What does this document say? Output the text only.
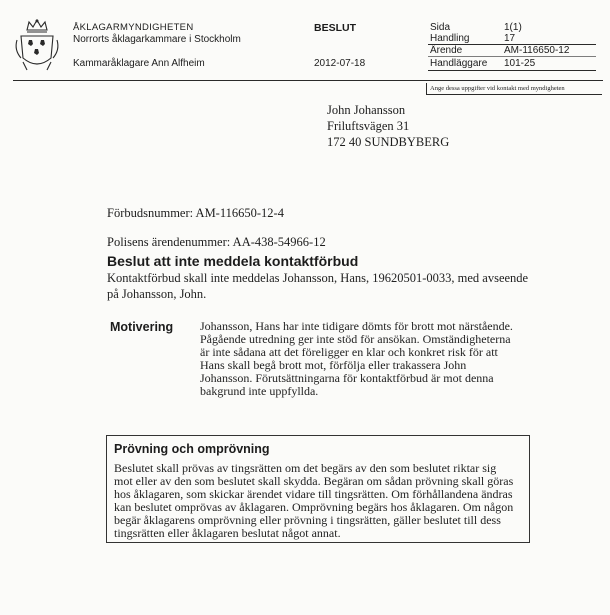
ÅKLAGARMYNDIGHETEN
Norrorts åklagarkammare i Stockholm
Kammaråklagare Ann Alfheim
BESLUT
2012-07-18
Sida	1(1)
Handling	17
Ärende	AM-116650-12
Handläggare 101-25
Ange dessa uppgifter vid kontakt med myndigheten
John Johansson
Friluftsvägen 31
172 40 SUNDBYBERG
Förbudsnummer: AM-116650-12-4
Polisens ärendenummer: AA-438-54966-12
Beslut att inte meddela kontaktförbud
Kontaktförbud skall inte meddelas Johansson, Hans, 19620501-0033, med avseende
på Johansson, John.
Motivering Johansson, Hans har inte tidigare dömts för brott mot närstående.
Pågående utredning ger inte stöd för ansökan. Omständigheterna
är inte sådana att det föreligger en klar och konkret risk för att
Hans skall begå brott mot, förfölja eller trakassera John
Johansson. Förutsättningarna för kontaktförbud är mot denna
bakgrund inte uppfyllda.
Prövning och omprövning
Beslutet skall prövas av tingsrätten om det begärs av den som beslutet riktar sig
mot eller av den som beslutet skall skydda. Begäran om sådan prövning skall göras
hos åklagaren, som skickar ärendet vidare till tingsrätten. Om förhållandena ändras
kan beslutet omprövas av åklagaren. Omprövning begärs hos åklagaren. Om någon
begär åklagarens omprövning eller prövning i tingsrätten, gäller beslutet till dess
tingsrätten eller åklagaren beslutat något annat.
